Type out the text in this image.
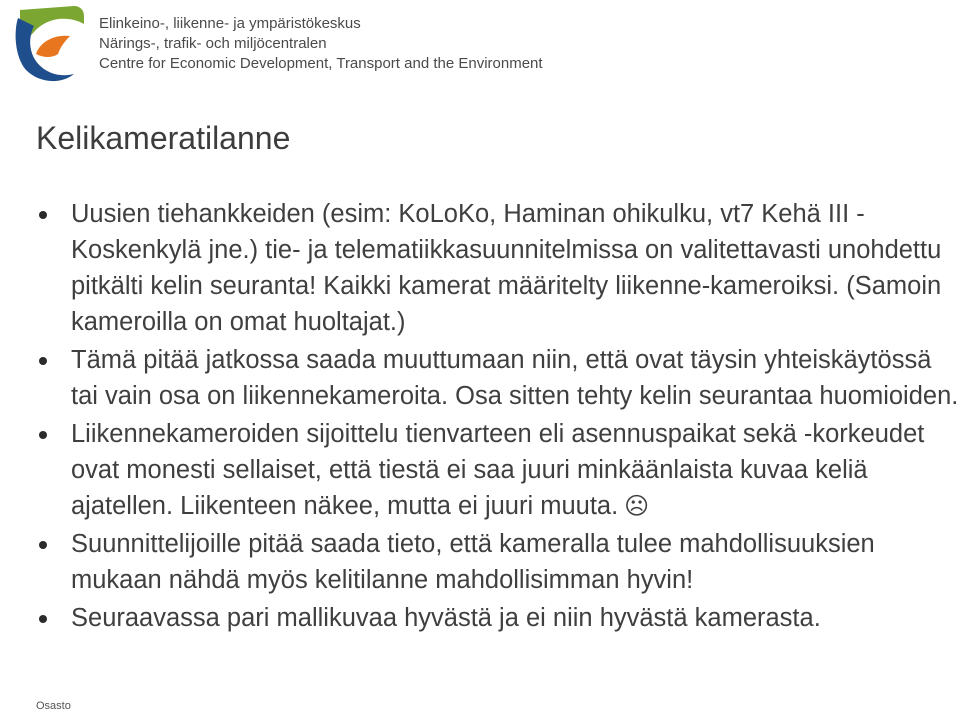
Elinkeino-, liikenne- ja ympäristökeskus
Närings-, trafik- och miljöcentralen
Centre for Economic Development, Transport and the Environment
Kelikameratilanne
Uusien tiehankkeiden (esim: KoLoKo, Haminan ohikulku, vt7 Kehä III -Koskenkylä jne.) tie- ja telematiikkasuunnitelmissa on valitettavasti unohdettu pitkälti kelin seuranta! Kaikki kamerat määritelty liikenne-kameroiksi. (Samoin kameroilla on omat huoltajat.)
Tämä pitää jatkossa saada muuttumaan niin, että ovat täysin yhteiskäytössä tai vain osa on liikennekameroita. Osa sitten tehty kelin seurantaa huomioiden.
Liikennekameroiden sijoittelu tienvarteen eli asennuspaikat sekä -korkeudet ovat monesti sellaiset, että tiestä ei saa juuri minkäänlaista kuvaa keliä ajatellen. Liikenteen näkee, mutta ei juuri muuta. ☹
Suunnittelijoille pitää saada tieto, että kameralla tulee mahdollisuuksien mukaan nähdä myös kelitilanne mahdollisimman hyvin!
Seuraavassa pari mallikuvaa hyvästä ja ei niin hyvästä kamerasta.
Osasto
